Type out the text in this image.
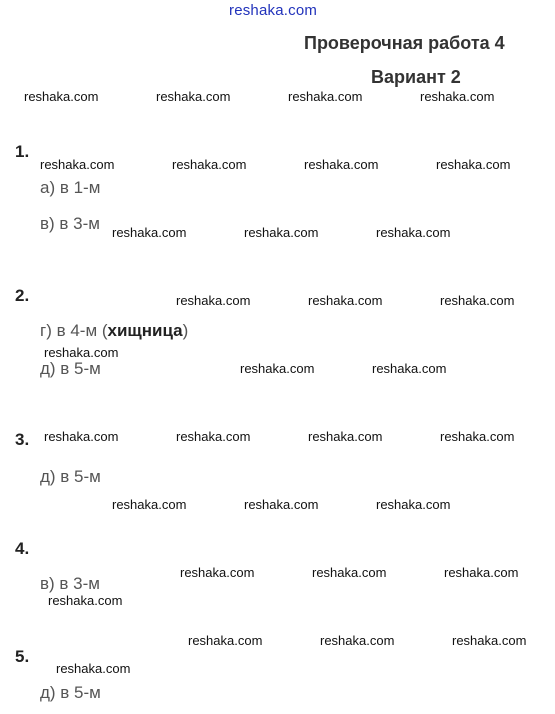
reshaka.com
Проверочная работа 4
Вариант 2
reshaka.com	reshaka.com	reshaka.com	reshaka.com
1.
reshaka.com	reshaka.com	reshaka.com	reshaka.com
а) в 1-м
в) в 3-м reshaka.com	reshaka.com	reshaka.com
2.	reshaka.com	reshaka.com	reshaka.com
г) в 4-м (хищница)
reshaka.com
д) в 5-м	reshaka.com	reshaka.com
3. reshaka.com	reshaka.com	reshaka.com	reshaka.com
д) в 5-м
reshaka.com	reshaka.com	reshaka.com
4.
reshaka.com	reshaka.com	reshaka.com
в) в 3-м
reshaka.com
reshaka.com	reshaka.com	reshaka.com
5.
reshaka.com
д) в 5-м
